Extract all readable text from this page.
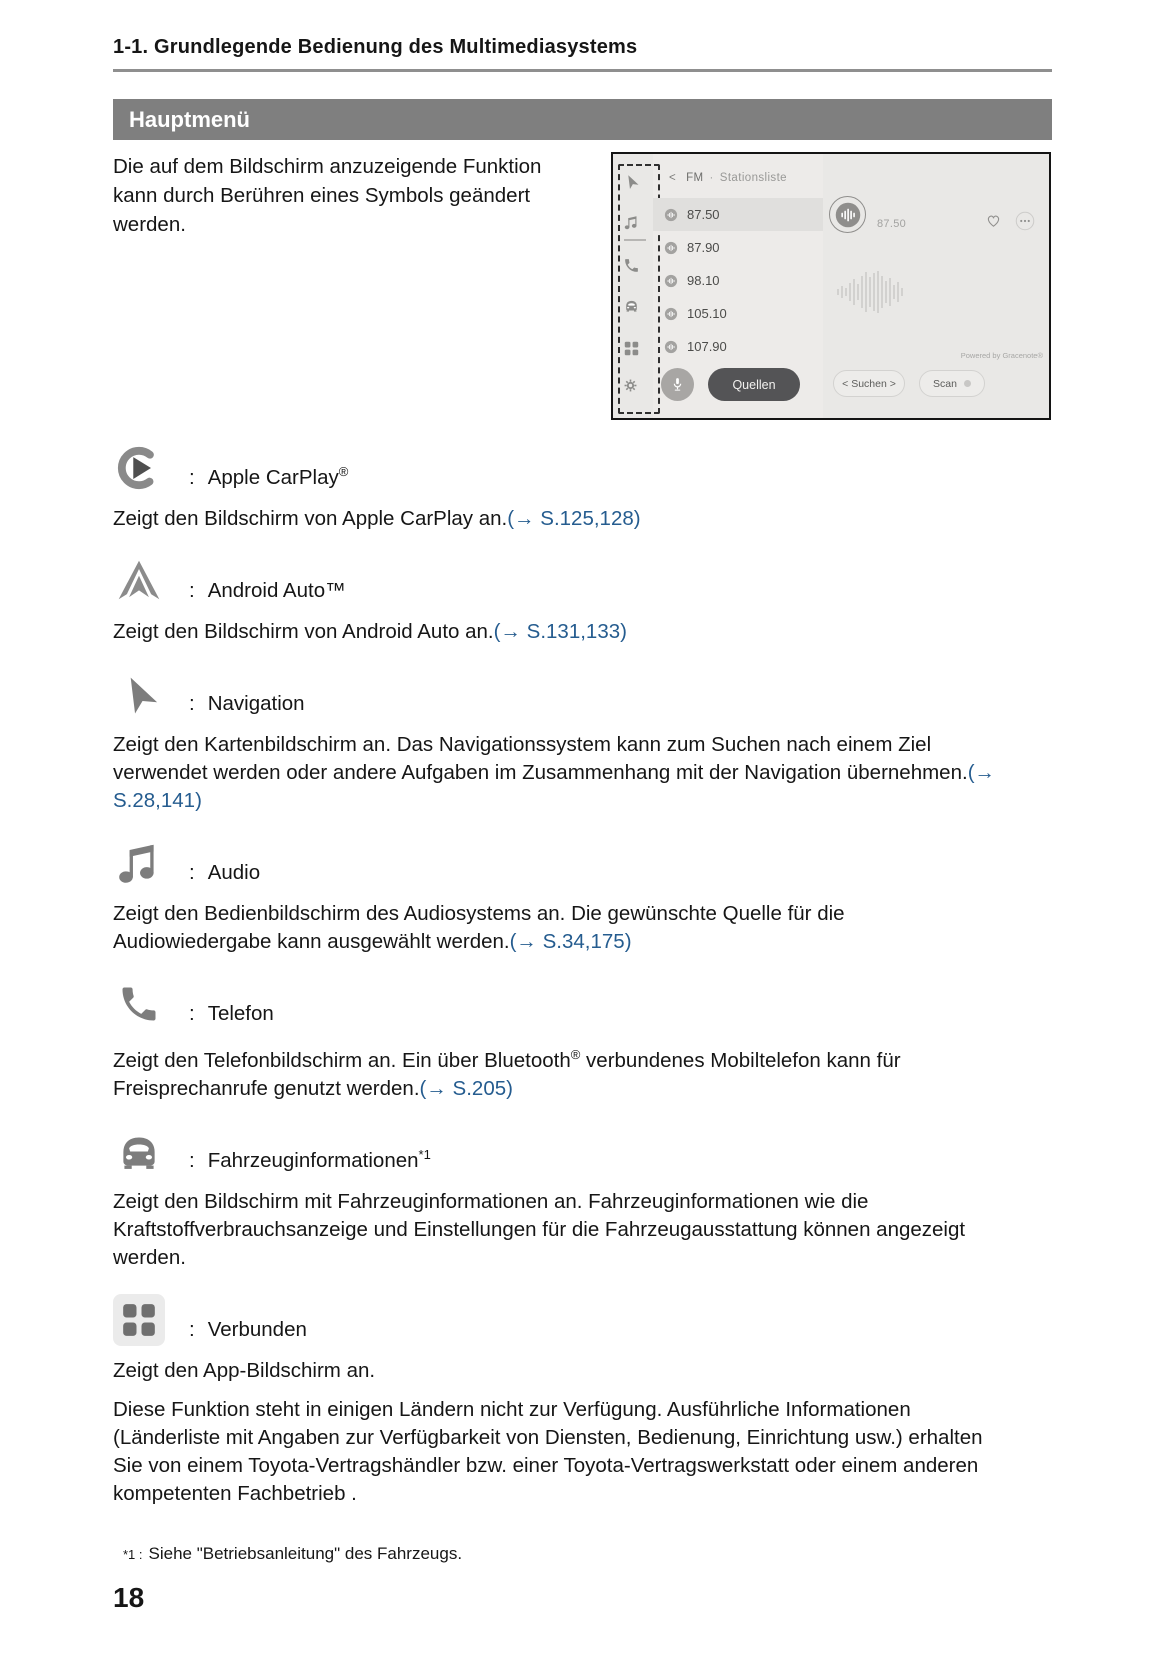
1-1. Grundlegende Bedienung des Multimediasystems
Hauptmenü

Die auf dem Bildschirm anzuzeigende Funktion kann durch Berühren eines Symbols geändert werden.

< FM · Stationsliste
87.50
87.90
98.10
105.10
107.90
Quellen
87.50
Powered by Gracenote®
< Suchen >	Scan
: Apple CarPlay®

Zeigt den Bildschirm von Apple CarPlay an.(→ S.125,128)

: Android Auto™

Zeigt den Bildschirm von Android Auto an.(→ S.131,133)

: Navigation

Zeigt den Kartenbildschirm an. Das Navigationssystem kann zum Suchen nach einem Ziel verwendet werden oder andere Aufgaben im Zusammenhang mit der Navigation übernehmen.(→ S.28,141)

: Audio

Zeigt den Bedienbildschirm des Audiosystems an. Die gewünschte Quelle für die Audiowiedergabe kann ausgewählt werden.(→ S.34,175)

: Telefon

Zeigt den Telefonbildschirm an. Ein über Bluetooth® verbundenes Mobiltelefon kann für Freisprechanrufe genutzt werden.(→ S.205)

: Fahrzeuginformationen$^{*1}$

Zeigt den Bildschirm mit Fahrzeuginformationen an. Fahrzeuginformationen wie die Kraftstoffverbrauchsanzeige und Einstellungen für die Fahrzeugausstattung können angezeigt werden.

: Verbunden

Zeigt den App-Bildschirm an.

Diese Funktion steht in einigen Ländern nicht zur Verfügung. Ausführliche Informationen (Länderliste mit Angaben zur Verfügbarkeit von Diensten, Bedienung, Einrichtung usw.) erhalten Sie von einem Toyota-Vertragshändler bzw. einer Toyota-Vertragswerkstatt oder einem anderen kompetenten Fachbetrieb .

*1 : Siehe "Betriebsanleitung" des Fahrzeugs.
18
